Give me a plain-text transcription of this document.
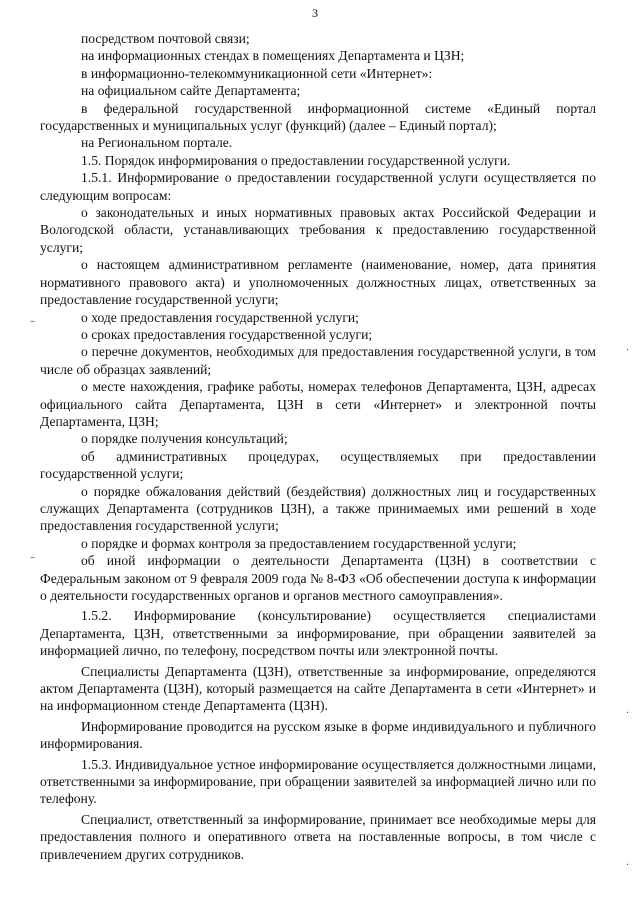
3

посредством почтовой связи;

на информационных стендах в помещениях Департамента и ЦЗН;

в информационно-телекоммуникационной сети «Интернет»:

на официальном сайте Департамента;

в федеральной государственной информационной системе «Единый портал государственных и муниципальных услуг (функций) (далее – Единый портал);

на Региональном портале.

1.5. Порядок информирования о предоставлении государственной услуги.

1.5.1. Информирование о предоставлении государственной услуги осуществляется по следующим вопросам:

о законодательных и иных нормативных правовых актах Российской Федерации и Вологодской области, устанавливающих требования к предоставлению государственной услуги;

о настоящем административном регламенте (наименование, номер, дата принятия нормативного правового акта) и уполномоченных должностных лицах, ответственных за предоставление государственной услуги;

о ходе предоставления государственной услуги;

о сроках предоставления государственной услуги;

о перечне документов, необходимых для предоставления государственной услуги, в том числе об образцах заявлений;

о месте нахождения, графике работы, номерах телефонов Департамента, ЦЗН, адресах официального сайта Департамента, ЦЗН в сети «Интернет» и электронной почты Департамента, ЦЗН;

о порядке получения консультаций;

об административных процедурах, осуществляемых при предоставлении государственной услуги;

о порядке обжалования действий (бездействия) должностных лиц и государственных служащих Департамента (сотрудников ЦЗН), а также принимаемых ими решений в ходе предоставления государственной услуги;

о порядке и формах контроля за предоставлением государственной услуги;

об иной информации о деятельности Департамента (ЦЗН) в соответствии с Федеральным законом от 9 февраля 2009 года № 8-ФЗ «Об обеспечении доступа к информации о деятельности государственных органов и органов местного самоуправления».

1.5.2. Информирование (консультирование) осуществляется специалистами Департамента, ЦЗН, ответственными за информирование, при обращении заявителей за информацией лично, по телефону, посредством почты или электронной почты.

Специалисты Департамента (ЦЗН), ответственные за информирование, определяются актом Департамента (ЦЗН), который размещается на сайте Департамента в сети «Интернет» и на информационном стенде Департамента (ЦЗН).

Информирование проводится на русском языке в форме индивидуального и публичного информирования.

1.5.3. Индивидуальное устное информирование осуществляется должностными лицами, ответственными за информирование, при обращении заявителей за информацией лично или по телефону.

Специалист, ответственный за информирование, принимает все необходимые меры для предоставления полного и оперативного ответа на поставленные вопросы, в том числе с привлечением других сотрудников.

–
–
·
·
·
